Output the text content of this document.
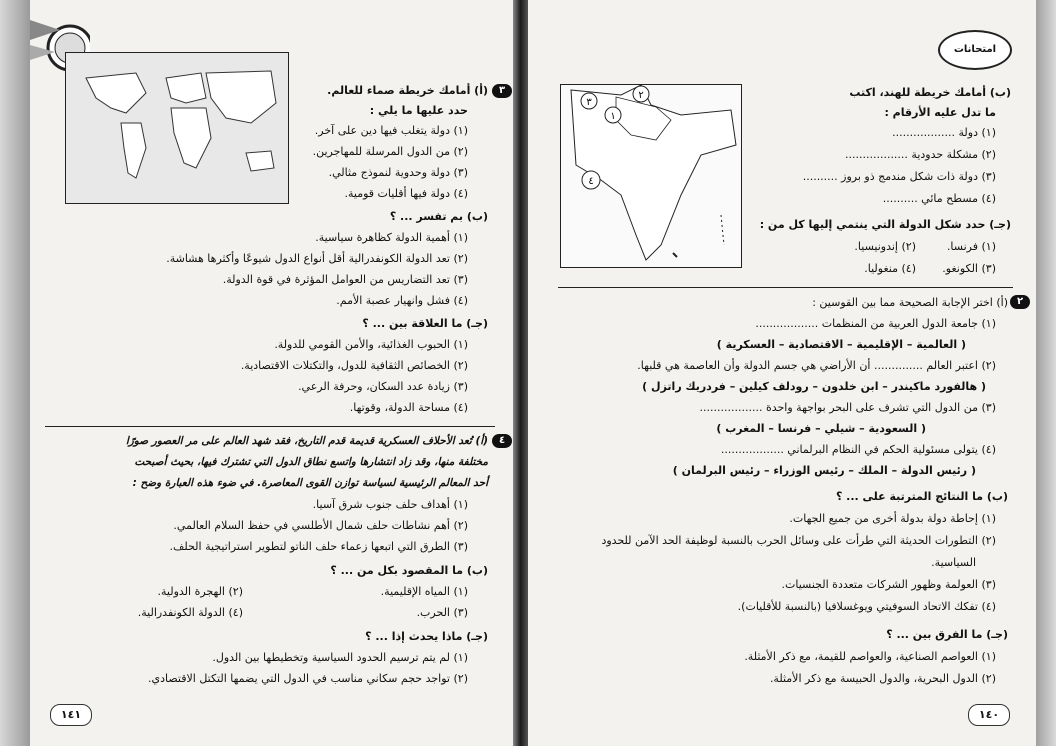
٣
(أ) أمامك خريطة صماء للعالم.
حدد عليها ما يلي :
(١) دولة يتغلب فيها دين على آخر.
(٢) من الدول المرسلة للمهاجرين.
(٣) دولة وحدوية لنموذج مثالي.
(٤) دولة فيها أقليات قومية.
(ب) بم تفسر ... ؟
(١) أهمية الدولة كظاهرة سياسية.
(٢) تعد الدولة الكونفدرالية أقل أنواع الدول شيوعًا وأكثرها هشاشة.
(٣) تعد التضاريس من العوامل المؤثرة في قوة الدولة.
(٤) فشل وانهيار عصبة الأمم.
(جـ) ما العلاقة بين ... ؟
(١) الحبوب الغذائية، والأمن القومي للدولة.
(٢) الخصائص الثقافية للدول، والتكتلات الاقتصادية.
(٣) زيادة عدد السكان، وحرفة الرعي.
(٤) مساحة الدولة، وقوتها.
٤
(أ) تُعد الأحلاف العسكرية قديمة قدم التاريخ، فقد شهد العالم على مر العصور صورًا
مختلفة منها، وقد زاد انتشارها واتسع نطاق الدول التي تشترك فيها، بحيث أصبحت
أحد المعالم الرئيسية لسياسة توازن القوى المعاصرة. في ضوء هذه العبارة وضح :
(١) أهداف حلف جنوب شرق آسيا.
(٢) أهم نشاطات حلف شمال الأطلسي في حفظ السلام العالمي.
(٣) الطرق التي اتبعها زعماء حلف الناتو لتطوير استراتيجية الحلف.
(ب) ما المقصود بكل من ... ؟
(١) المياه الإقليمية.
(٢) الهجرة الدولية.
(٣) الحرب.
(٤) الدولة الكونفدرالية.
(جـ) ماذا يحدث إذا ... ؟
(١) لم يتم ترسيم الحدود السياسية وتخطيطها بين الدول.
(٢) تواجد حجم سكاني مناسب في الدول التي يضمها التكتل الاقتصادي.
١٤١
امتحانات
٣
١
٢
٤
(ب) أمامك خريطة للهند، اكتب
ما تدل عليه الأرقام :
(١) دولة ..................
(٢) مشكلة حدودية ..................
(٣) دولة ذات شكل مندمج ذو بروز ..........
(٤) مسطح مائي ..........
(جـ) حدد شكل الدولة التي ينتمي إليها كل من :
(١) فرنسا.
(٢) إندونيسيا.
(٣) الكونغو.
(٤) منغوليا.
٢
(أ) اختر الإجابة الصحيحة مما بين القوسين :
(١) جامعة الدول العربية من المنظمات ..................
( العالمية – الإقليمية – الاقتصادية – العسكرية )
(٢) اعتبر العالم .............. أن الأراضي هي جسم الدولة وأن العاصمة هي قلبها.
( هالفورد ماكيندر – ابن خلدون – رودلف كيلين – فردريك راتزل )
(٣) من الدول التي تشرف على البحر بواجهة واحدة ..................
( السعودية – شيلي – فرنسا – المغرب )
(٤) يتولى مسئولية الحكم في النظام البرلماني ..................
( رئيس الدولة – الملك – رئيس الوزراء – رئيس البرلمان )
(ب) ما النتائج المترتبة على ... ؟
(١) إحاطة دولة بدولة أخرى من جميع الجهات.
(٢) التطورات الحديثة التي طرأت على وسائل الحرب بالنسبة لوظيفة الحد الآمن للحدود
السياسية.
(٣) العولمة وظهور الشركات متعددة الجنسيات.
(٤) تفكك الاتحاد السوفيتي ويوغسلافيا (بالنسبة للأقليات).
(جـ) ما الفرق بين ... ؟
(١) العواصم الصناعية، والعواصم للقيمة، مع ذكر الأمثلة.
(٢) الدول البحرية، والدول الحبيسة مع ذكر الأمثلة.
١٤٠
